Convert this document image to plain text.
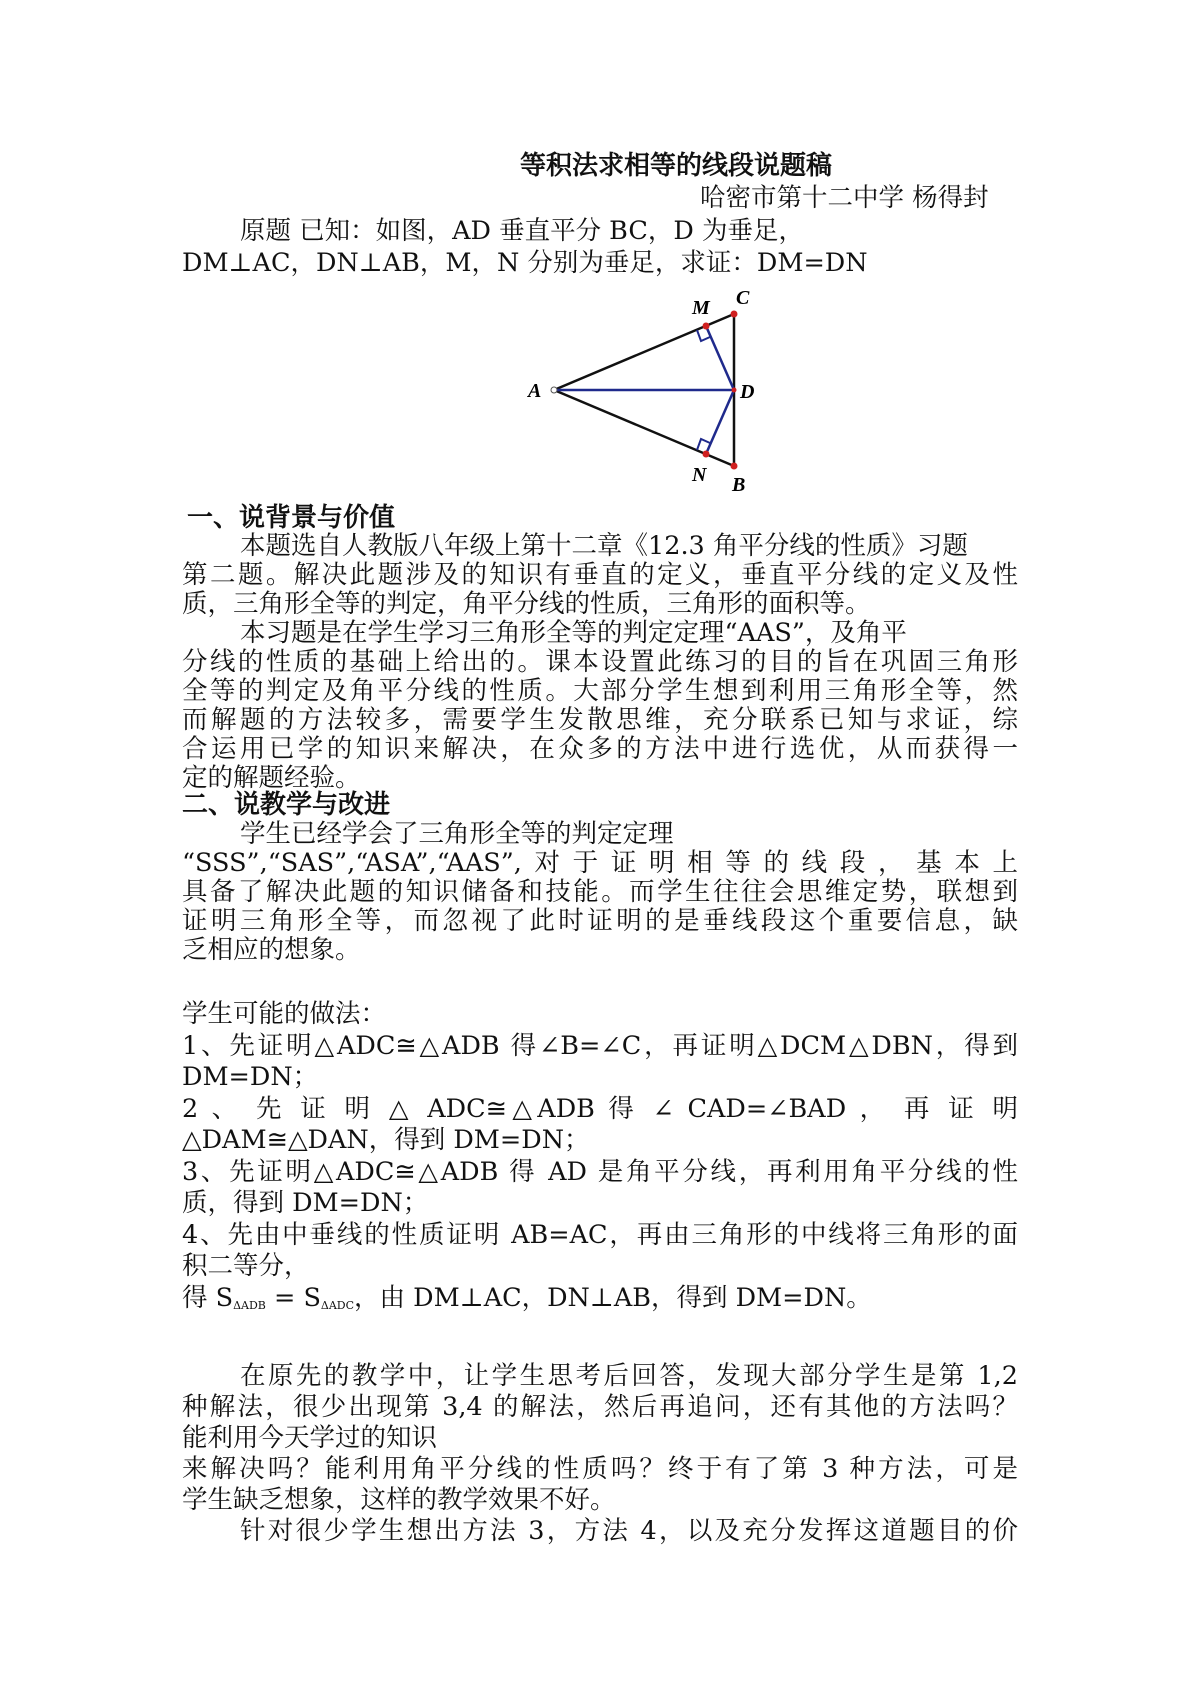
等积法求相等的线段说题稿
哈密市第十二中学 杨得封
原题 已知：如图，AD 垂直平分 BC，D 为垂足，
DM⊥AC，DN⊥AB，M，N 分别为垂足，求证：DM=DN
A
C
D
B
M
N
一、说背景与价值
本题选自人教版八年级上第十二章《12.3 角平分线的性质》习题
第二题。解决此题涉及的知识有垂直的定义，垂直平分线的定义及性
质，三角形全等的判定，角平分线的性质，三角形的面积等。
本习题是在学生学习三角形全等的判定定理“AAS”，及角平
分线的性质的基础上给出的。课本设置此练习的目的旨在巩固三角形
全等的判定及角平分线的性质。大部分学生想到利用三角形全等，然
而解题的方法较多，需要学生发散思维，充分联系已知与求证，综
合运用已学的知识来解决，在众多的方法中进行选优，从而获得一
定的解题经验。
二、说教学与改进
学生已经学会了三角形全等的判定定理
“SSS”,“SAS”,“ASA”,“AAS”,对于证明相等的线段，基本上
具备了解决此题的知识储备和技能。而学生往往会思维定势，联想到
证明三角形全等，而忽视了此时证明的是垂线段这个重要信息，缺
乏相应的想象。
学生可能的做法：
1、先证明△ADC≅△ADB 得∠B=∠C，再证明△DCM△DBN，得到
DM=DN；
2 、 先 证 明 △ ADC≅△ADB 得 ∠ CAD=∠BAD ， 再 证 明
△DAM≅△DAN，得到 DM=DN；
3、先证明△ADC≅△ADB 得 AD 是角平分线，再利用角平分线的性
质，得到 DM=DN；
4、先由中垂线的性质证明 AB=AC，再由三角形的中线将三角形的面
积二等分，
得 $S_{\Delta ADB} = S_{\Delta ADC}$，由 DM⊥AC，DN⊥AB，得到 DM=DN。
在原先的教学中，让学生思考后回答，发现大部分学生是第 1,2
种解法，很少出现第 3,4 的解法，然后再追问，还有其他的方法吗？
能利用今天学过的知识
来解决吗？能利用角平分线的性质吗？终于有了第 3 种方法，可是
学生缺乏想象，这样的教学效果不好。
针对很少学生想出方法 3，方法 4，以及充分发挥这道题目的价
